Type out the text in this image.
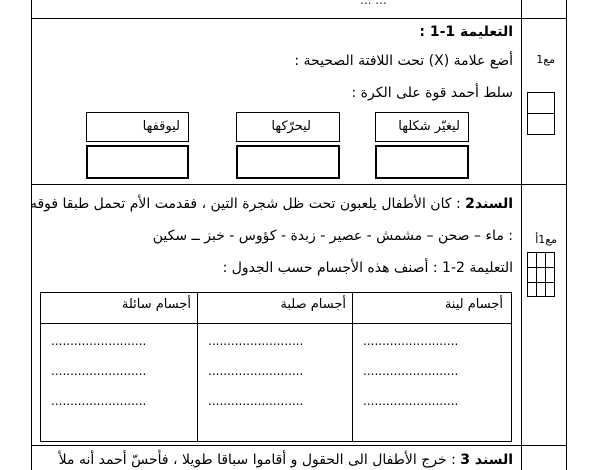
... ...
التعليمة 1-1 :
أضع علامة (X) تحت اللافتة الصحيحة :
سلط أحمد قوة على الكرة :
مع1
ليغيّر شكلها
ليحرّكها
ليوقفها
السند2 : كان الأطفال يلعبون تحت ظل شجرة التين ، فقدمت الأم تحمل طبقا فوقه
: ماء – صحن – مشمش - عصير - زبدة - كؤوس - خبز ــ سكين
التعليمة 2-1 : أصنف هذه الأجسام حسب الجدول :
مع1أ
أجسام لينة
أجسام صلبة
أجسام سائلة
.........................
.........................
.........................
.........................
.........................
.........................
.........................
.........................
.........................
السند 3 : خرج الأطفال الى الحقول و أقاموا سباقا طويلا ، فأحسّ أحمد أنه ملأ
